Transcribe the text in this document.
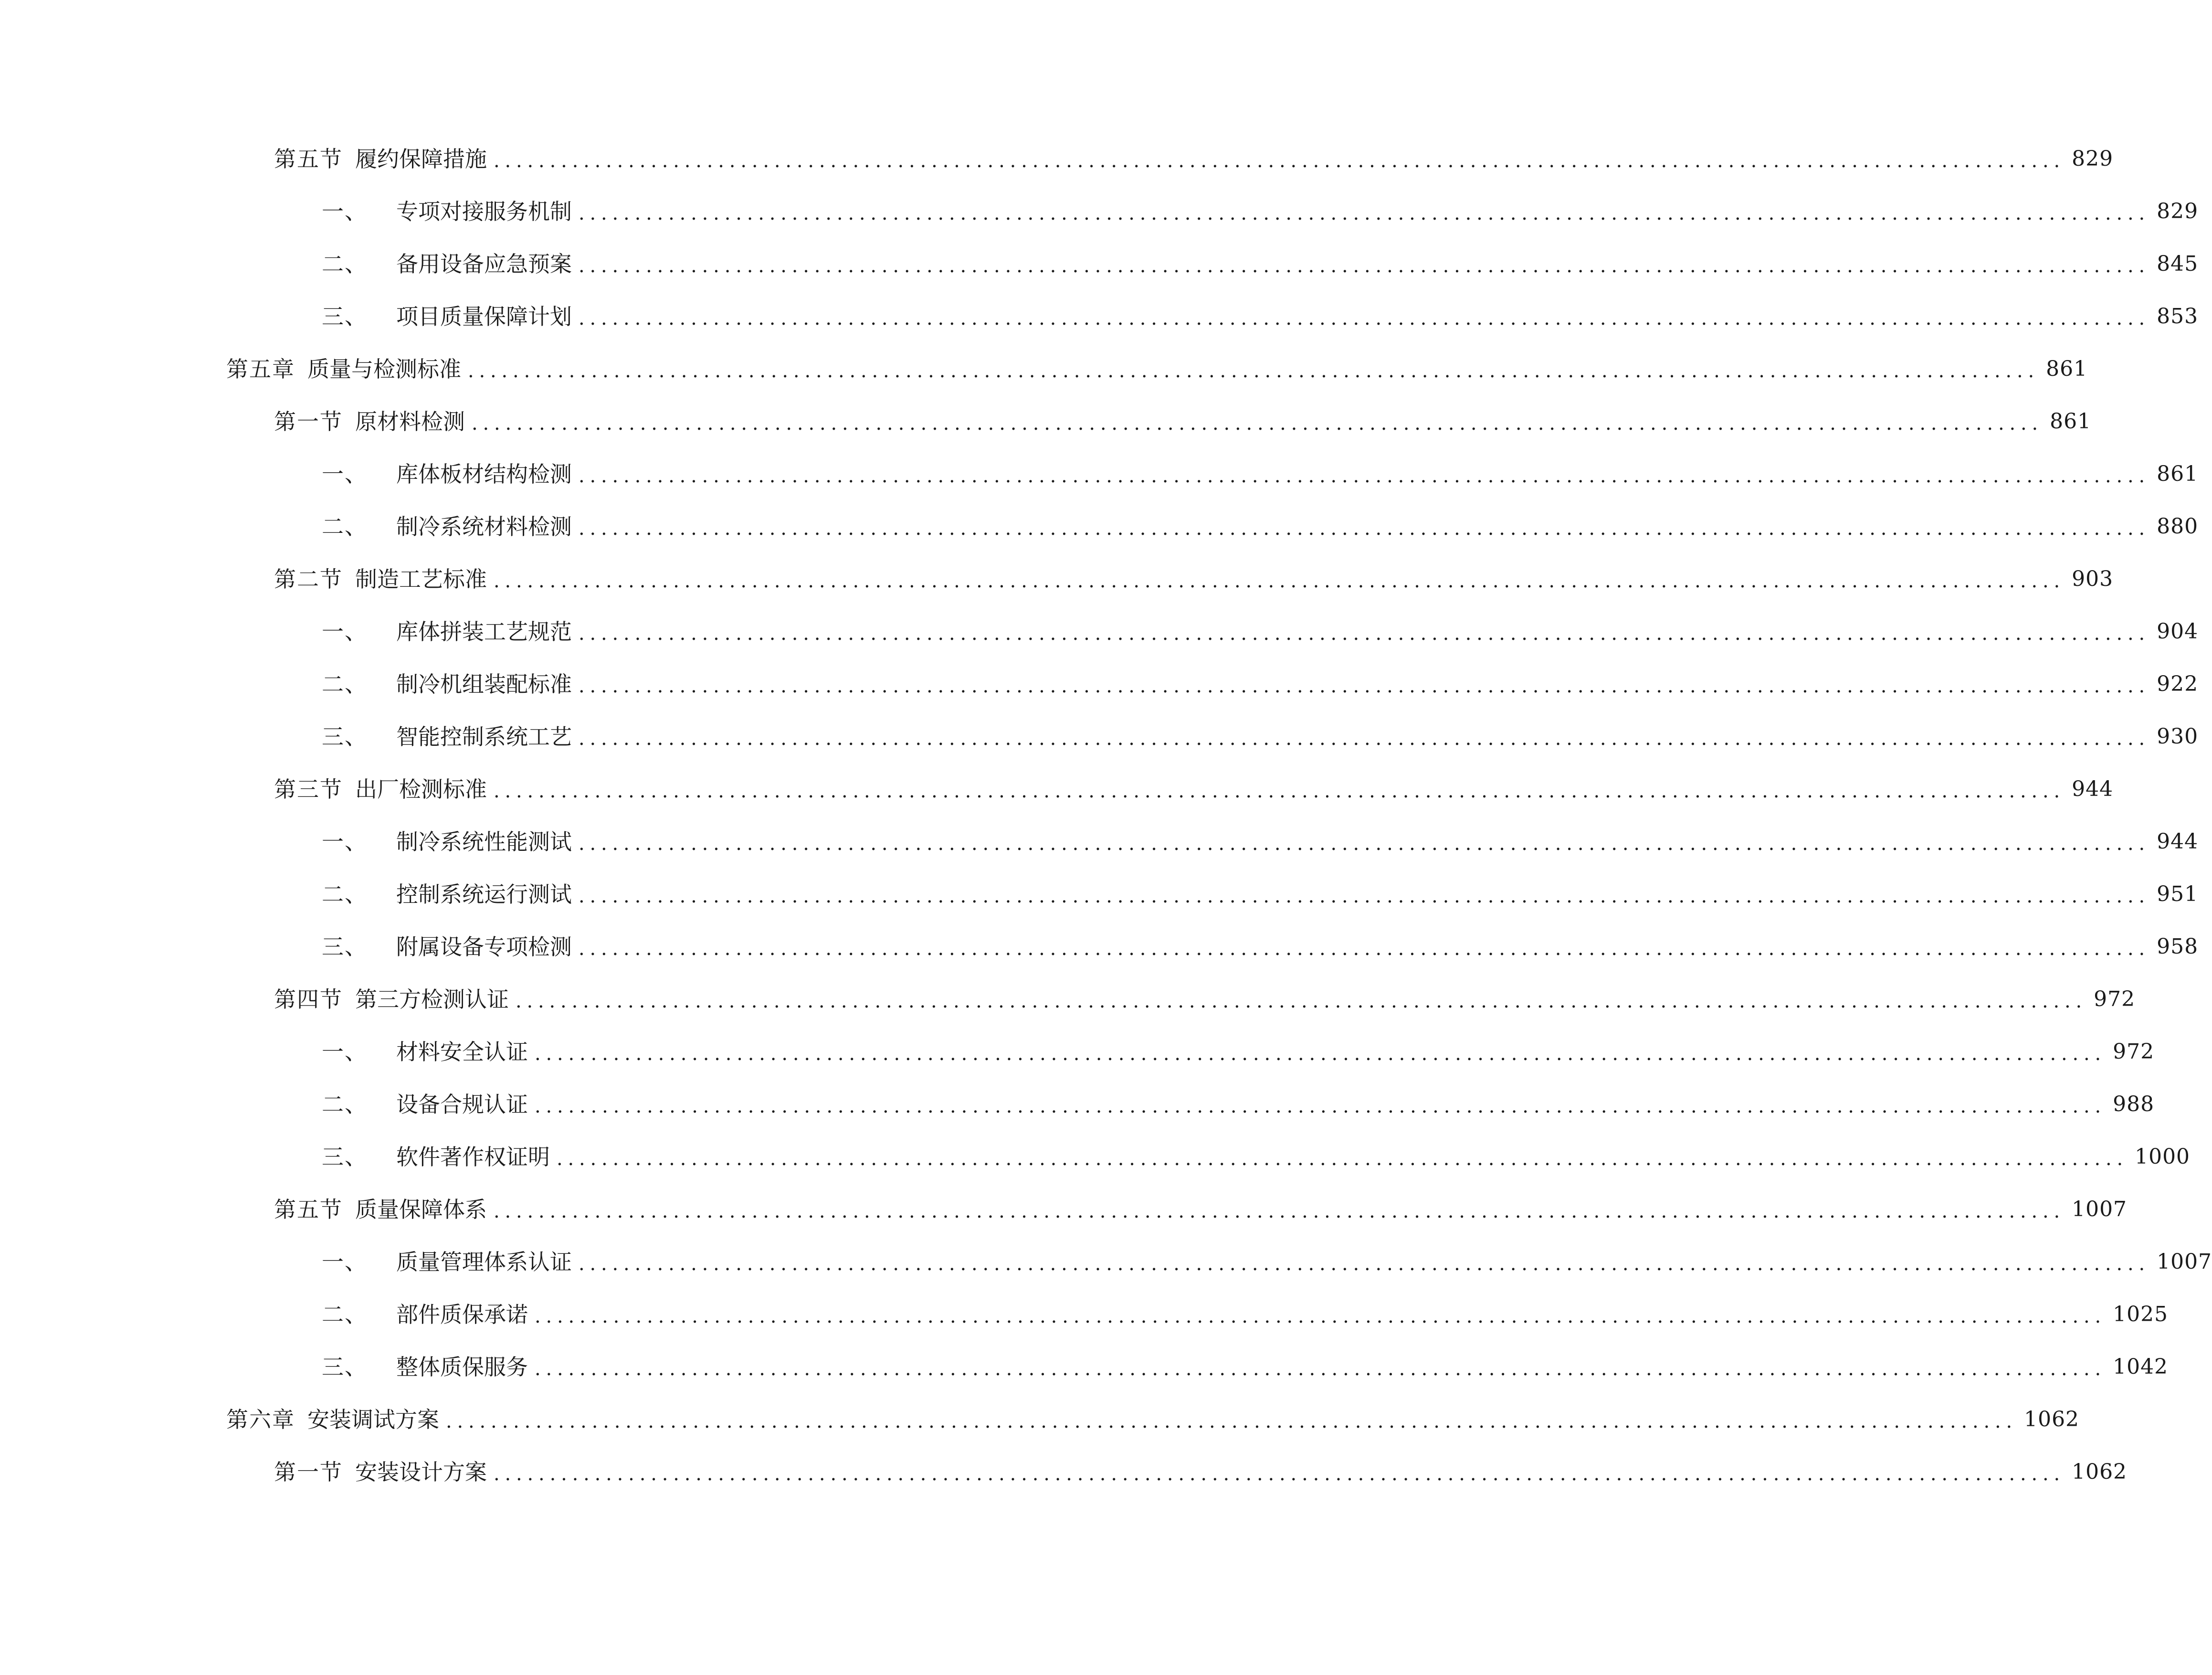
第五节 履约保障措施 ............................................................................................................................................ 829
一、 专项对接服务机制 ............................................................................................................................................ 829
二、 备用设备应急预案 ............................................................................................................................................ 845
三、 项目质量保障计划 ............................................................................................................................................ 853
第五章 质量与检测标准 ............................................................................................................................................ 861
第一节 原材料检测 ............................................................................................................................................ 861
一、 库体板材结构检测 ............................................................................................................................................ 861
二、 制冷系统材料检测 ............................................................................................................................................ 880
第二节 制造工艺标准 ............................................................................................................................................ 903
一、 库体拼装工艺规范 ............................................................................................................................................ 904
二、 制冷机组装配标准 ............................................................................................................................................ 922
三、 智能控制系统工艺 ............................................................................................................................................ 930
第三节 出厂检测标准 ............................................................................................................................................ 944
一、 制冷系统性能测试 ............................................................................................................................................ 944
二、 控制系统运行测试 ............................................................................................................................................ 951
三、 附属设备专项检测 ............................................................................................................................................ 958
第四节 第三方检测认证 ............................................................................................................................................ 972
一、 材料安全认证 ............................................................................................................................................ 972
二、 设备合规认证 ............................................................................................................................................ 988
三、 软件著作权证明 ............................................................................................................................................ 1000
第五节 质量保障体系 ............................................................................................................................................ 1007
一、 质量管理体系认证 ............................................................................................................................................ 1007
二、 部件质保承诺 ............................................................................................................................................ 1025
三、 整体质保服务 ............................................................................................................................................ 1042
第六章 安装调试方案 ............................................................................................................................................ 1062
第一节 安装设计方案 ............................................................................................................................................ 1062
